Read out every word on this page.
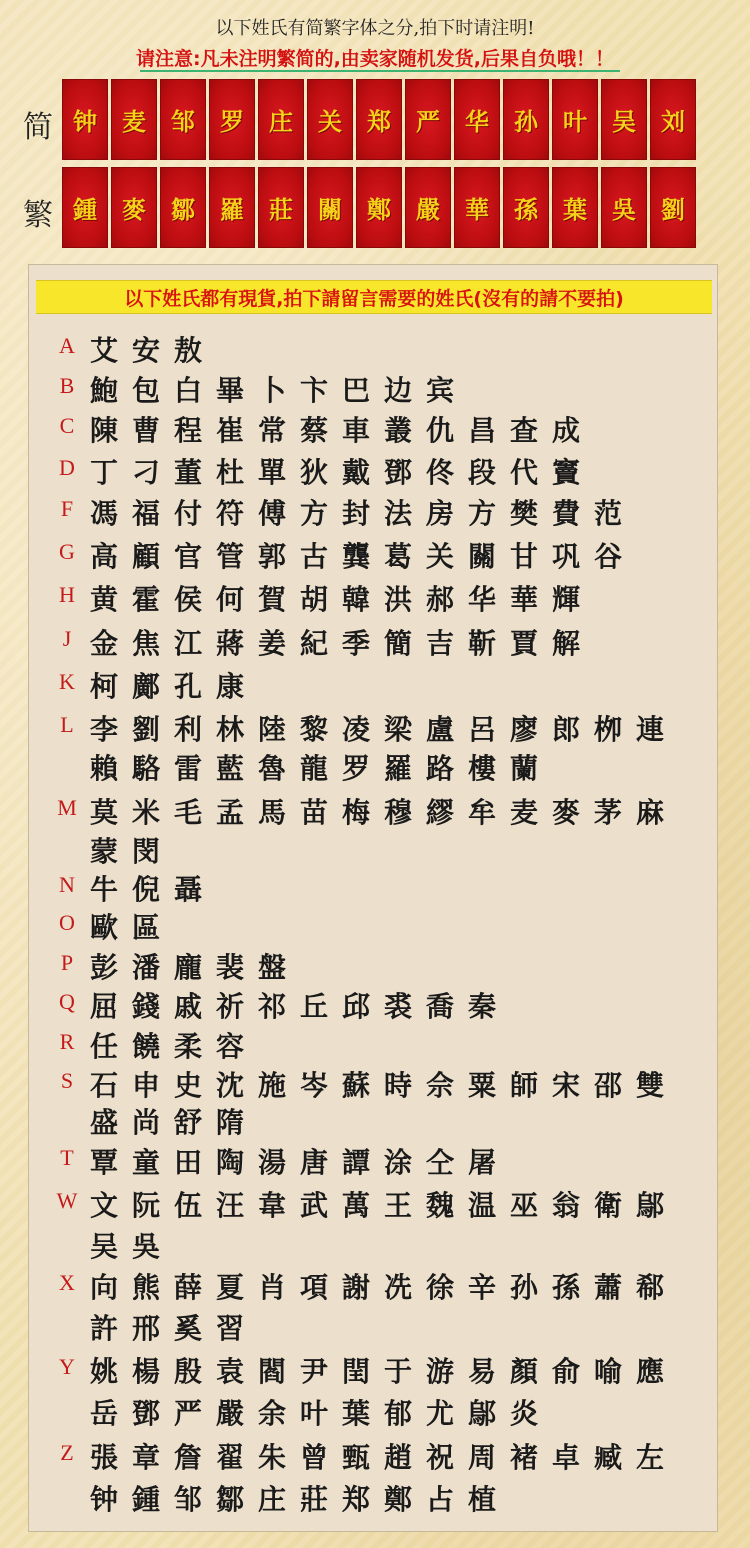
以下姓氏有简繁字体之分,拍下时请注明!
请注意:凡未注明繁简的,由卖家随机发货,后果自负哦！！
简
繁
钟 麦 邹 罗 庄 关 郑 严 华 孙 叶 吴 刘
鍾 麥 鄒 羅 莊 關 鄭 嚴 華 孫 葉 吳 劉
以下姓氏都有現貨,拍下請留言需要的姓氏(沒有的請不要拍)
A
B
C
D
F
G
H
J
K
L
M
N
O
P
Q
R
S
T
W
X
Y
Z
艾安敖
鮑包白畢卜卞巴边宾
陳曹程崔常蔡車叢仇昌查成
丁刁董杜單狄戴鄧佟段代竇
馮福付符傅方封法房方樊費范
高顧官管郭古龔葛关關甘巩谷
黄霍侯何賀胡韓洪郝华華輝
金焦江蔣姜紀季簡吉靳賈解
柯鄺孔康
李劉利林陸黎凌梁盧呂廖郎栁連
賴駱雷藍魯龍罗羅路樓蘭
莫米毛孟馬苗梅穆繆牟麦麥茅麻
蒙閔
牛倪聶
歐區
彭潘龐裴盤
屈錢戚祈祁丘邱裘喬秦
任饒柔容
石申史沈施岑蘇時佘粟師宋邵雙
盛尚舒隋
覃童田陶湯唐譚涂仝屠
文阮伍汪韋武萬王魏温巫翁衛鄔
吴吳
向熊薛夏肖項謝冼徐辛孙孫蕭郗
許邢奚習
姚楊殷袁閻尹閏于游易顏俞喻應
岳鄧严嚴余叶葉郁尤鄔炎
張章詹翟朱曾甄趙祝周褚卓臧左
钟鍾邹鄒庄莊郑鄭占植
